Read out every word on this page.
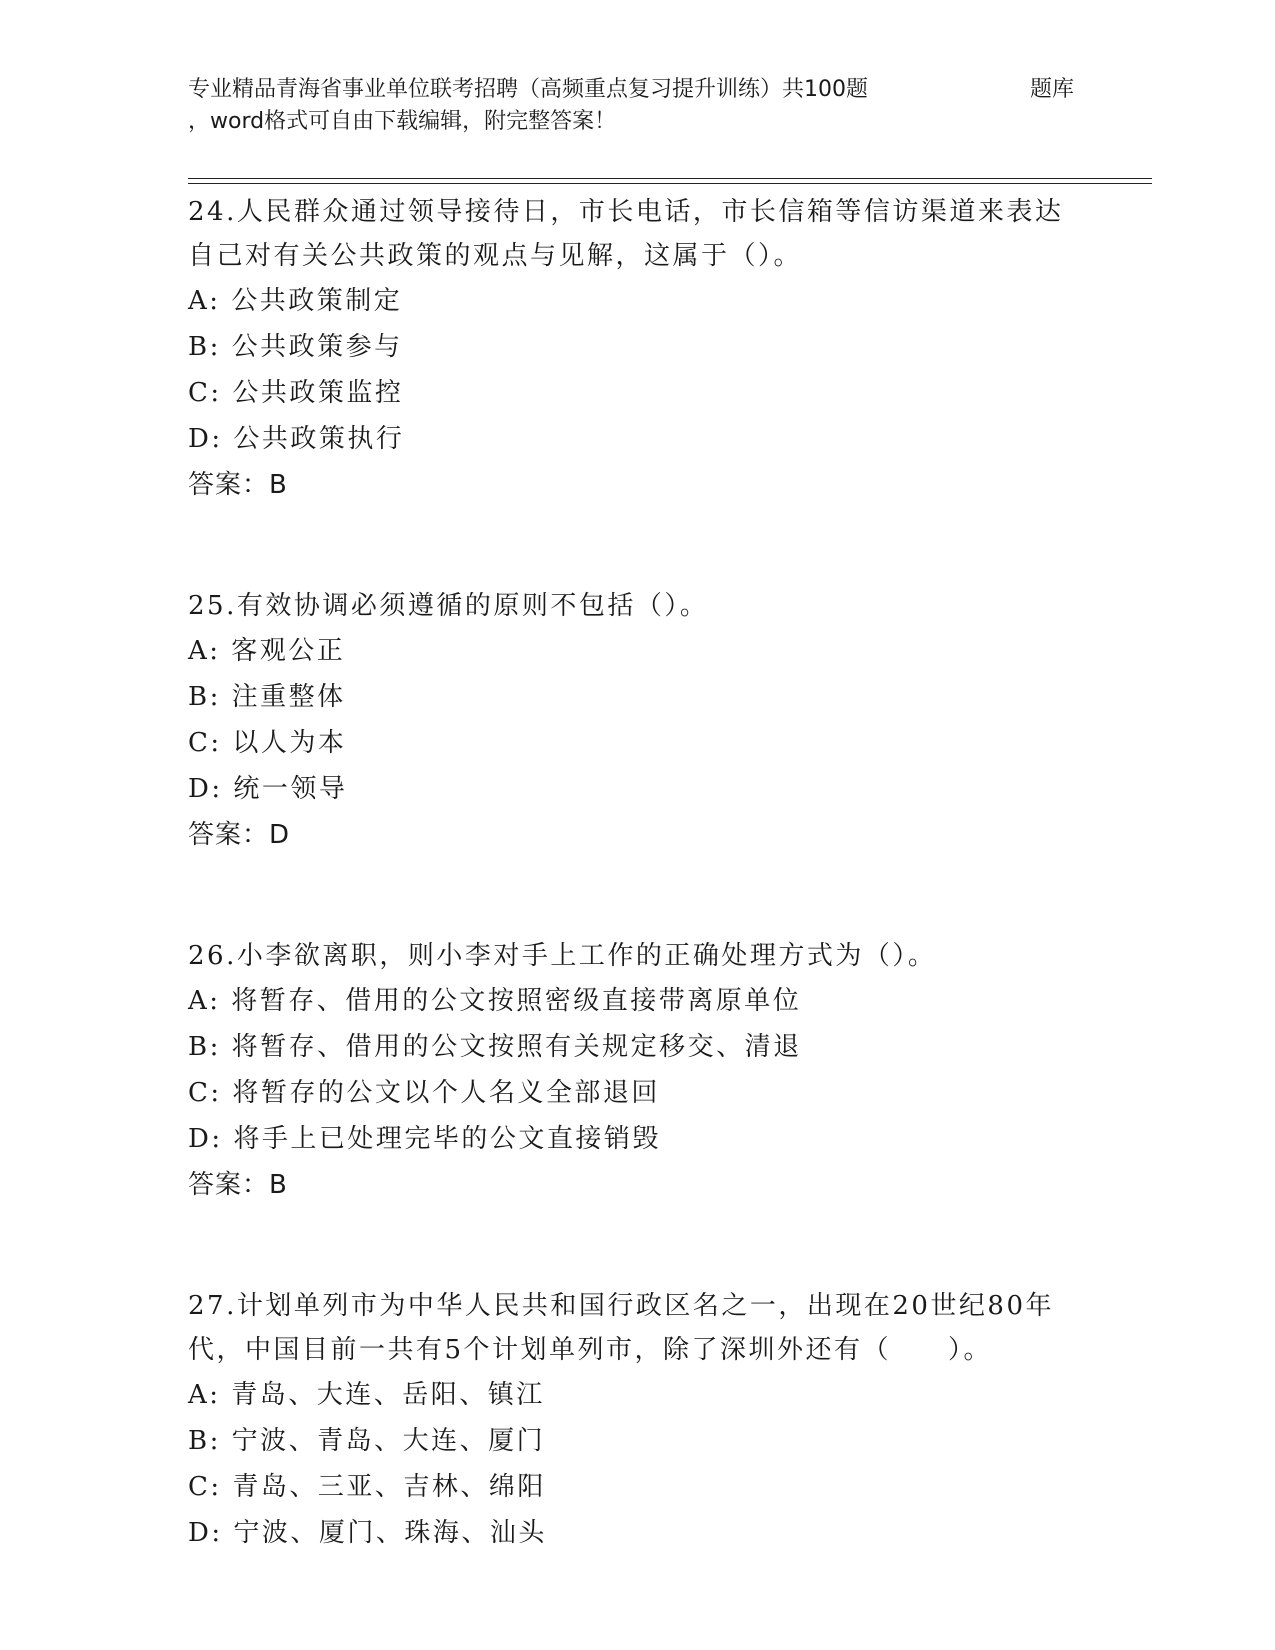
专业精品青海省事业单位联考招聘（高频重点复习提升训练）共100题	题库
，word格式可自由下载编辑，附完整答案！
24.人民群众通过领导接待日，市长电话，市长信箱等信访渠道来表达自己对有关公共政策的观点与见解，这属于（）。
A: 公共政策制定
B: 公共政策参与
C: 公共政策监控
D: 公共政策执行
答案：B
25.有效协调必须遵循的原则不包括（）。
A: 客观公正
B: 注重整体
C: 以人为本
D: 统一领导
答案：D
26.小李欲离职，则小李对手上工作的正确处理方式为（）。
A: 将暂存、借用的公文按照密级直接带离原单位
B: 将暂存、借用的公文按照有关规定移交、清退
C: 将暂存的公文以个人名义全部退回
D: 将手上已处理完毕的公文直接销毁
答案：B
27.计划单列市为中华人民共和国行政区名之一，出现在20世纪80年代，中国目前一共有5个计划单列市，除了深圳外还有（　　）。
A: 青岛、大连、岳阳、镇江
B: 宁波、青岛、大连、厦门
C: 青岛、三亚、吉林、绵阳
D: 宁波、厦门、珠海、汕头
